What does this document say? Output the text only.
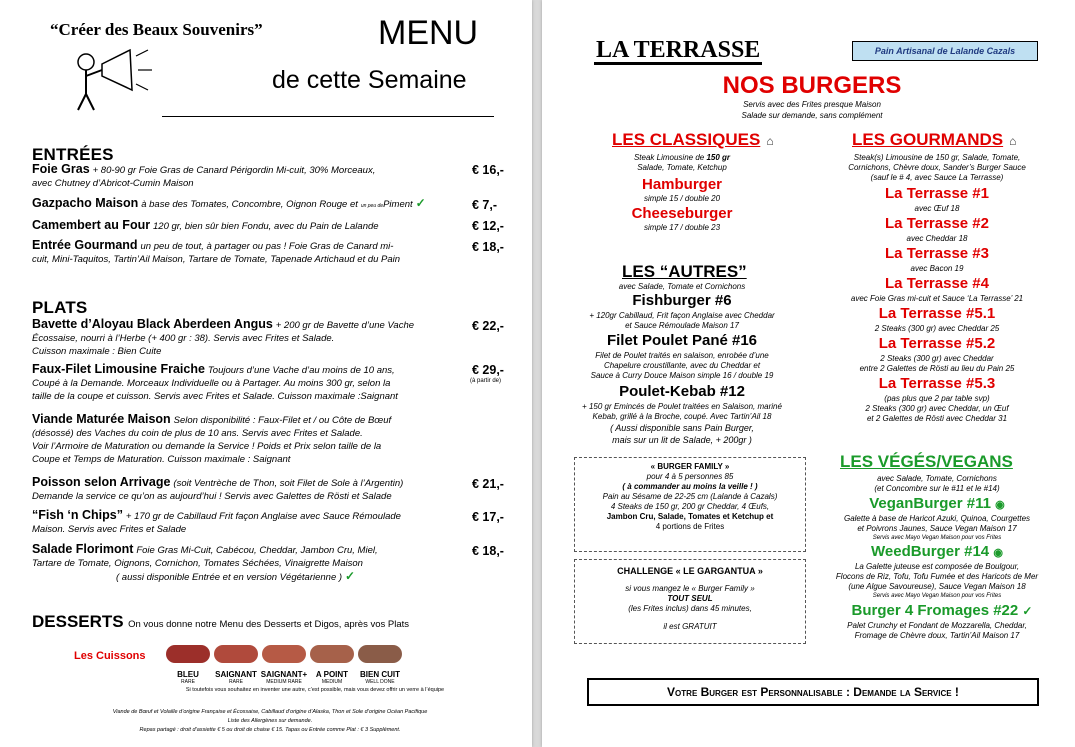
“Créer des Beaux Souvenirs”	MENU
de cette Semaine
ENTRÉES
Foie Gras + 80-90 gr Foie Gras de Canard Périgordin Mi-cuit, 30% Morceaux,
avec Chutney d’Abricot-Cumin Maison
€ 16,-
Gazpacho Maison à base des Tomates, Concombre, Oignon Rouge et un peu dePiment ✓	€ 7,-
Camembert au Four 120 gr, bien sûr bien Fondu, avec du Pain de Lalande	€ 12,-
Entrée Gourmand un peu de tout, à partager ou pas ! Foie Gras de Canard mi-
cuit, Mini-Taquitos, Tartin’Ail Maison, Tartare de Tomate, Tapenade Artichaud et du Pain
€ 18,-
PLATS
Bavette d’Aloyau Black Aberdeen Angus + 200 gr de Bavette d’une Vache
Écossaise, nourri à l’Herbe (+ 400 gr : 38). Servis avec Frites et Salade.
Cuisson maximale : Bien Cuite
€ 22,-
Faux-Filet Limousine Fraiche Toujours d’une Vache d’au moins de 10 ans,
Coupé à la Demande. Morceaux Individuelle ou à Partager. Au moins 300 gr, selon la
taille de la coupe et cuisson. Servis avec Frites et Salade. Cuisson maximale :Saignant
€ 29,-
(à partir de)
Viande Maturée Maison Selon disponibilité : Faux-Filet et / ou Côte de Bœuf
(désossé) des Vaches du coin de plus de 10 ans. Servis avec Frites et Salade.
Voir l’Armoire de Maturation ou demande la Service ! Poids et Prix selon taille de la
Coupe et Temps de Maturation. Cuisson maximale : Saignant
Poisson selon Arrivage (soit Ventrèche de Thon, soit Filet de Sole à l’Argentin)
Demande la service ce qu’on as aujourd’hui ! Servis avec Galettes de Rösti et Salade
€ 21,-
“Fish ‘n Chips” + 170 gr de Cabillaud Frit façon Anglaise avec Sauce Rémoulade
Maison. Servis avec Frites et Salade
€ 17,-
Salade Florimont Foie Gras Mi-Cuit, Cabécou, Cheddar, Jambon Cru, Miel,
Tartare de Tomate, Oignons, Cornichon, Tomates Séchées, Vinaigrette Maison
( aussi disponible Entrée et en version Végétarienne ) ✓
€ 18,-
DESSERTS On vous donne notre Menu des Desserts et Digos, après vos Plats
Les Cuissons
BLEU
RARE
SAIGNANT
RARE
SAIGNANT+
MEDIUM RARE
A POINT
MEDIUM
BIEN CUIT
WELL DONE
Si toutefois vous souhaitez en inventer une autre, c’est possible, mais vous devez offrir un verre à l’équipe
Viande de Bœuf et Volaille d’origine Française et Écossaise, Cabillaud d’origine d’Alaska, Thon et Sole d’origine Océan Pacifique
Liste des Allergènes sur demande.
Repas partagé : droit d’assiette € 5 ou droit de chaise € 15. Tapas ou Entrée comme Plat : € 3 Supplément.
LA TERRASSE	Pain Artisanal de Lalande Cazals
NOS BURGERS
Servis avec des Frites presque Maison
Salade sur demande, sans complément
LES CLASSIQUES ⌂
Steak Limousine de 150 gr
Salade, Tomate, Ketchup
Hamburger
simple 15 / double 20
Cheeseburger
simple 17 / double 23
LES “AUTRES”
avec Salade, Tomate et Cornichons
Fishburger #6
+ 120gr Cabillaud, Frit façon Anglaise avec Cheddar
et Sauce Rémoulade Maison 17
Filet Poulet Pané #16
Filet de Poulet traités en salaison, enrobée d’une
Chapelure croustillante, avec du Cheddar et
Sauce à Curry Douce Maison simple 16 / double 19
Poulet-Kebab #12
+ 150 gr Emincés de Poulet traitées en Salaison, mariné
Kebab, grillé à la Broche, coupé. Avec Tartin’Ail 18
( Aussi disponible sans Pain Burger,
mais sur un lit de Salade, + 200gr )
« BURGER FAMILY »
pour 4 à 5 personnes 85
( à commander au moins la veille ! )
Pain au Sésame de 22-25 cm (Lalande à Cazals)
4 Steaks de 150 gr, 200 gr Cheddar, 4 Œufs,
Jambon Cru, Salade, Tomates et Ketchup et
4 portions de Frites
CHALLENGE « LE GARGANTUA »
si vous mangez le « Burger Family »
TOUT SEUL
(les Frites inclus) dans 45 minutes,
il est GRATUIT
LES GOURMANDS ⌂
Steak(s) Limousine de 150 gr, Salade, Tomate,
Cornichons, Chèvre doux, Sander’s Burger Sauce
(sauf le # 4, avec Sauce La Terrasse)
La Terrasse #1
avec Œuf 18
La Terrasse #2
avec Cheddar 18
La Terrasse #3
avec Bacon 19
La Terrasse #4
avec Foie Gras mi-cuit et Sauce ‘La Terrasse’ 21
La Terrasse #5.1
2 Steaks (300 gr) avec Cheddar 25
La Terrasse #5.2
2 Steaks (300 gr) avec Cheddar
entre 2 Galettes de Rösti au lieu du Pain 25
La Terrasse #5.3
(pas plus que 2 par table svp)
2 Steaks (300 gr) avec Cheddar, un Œuf
et 2 Galettes de Rösti avec Cheddar 31
LES VÉGÉS/VEGANS
avec Salade, Tomate, Cornichons
(et Concombre sur le #11 et le #14)
VeganBurger #11 ◉
Galette à base de Haricot Azuki, Quinoa, Courgettes
et Poivrons Jaunes, Sauce Vegan Maison 17
Servis avec Mayo Vegan Maison pour vos Frites
WeedBurger #14 ◉
La Galette juteuse est composée de Boulgour,
Flocons de Riz, Tofu, Tofu Fumée et des Haricots de Mer
(une Algue Savoureuse), Sauce Vegan Maison 18
Servis avec Mayo Vegan Maison pour vos Frites
Burger 4 Fromages #22 ✓
Palet Crunchy et Fondant de Mozzarella, Cheddar,
Fromage de Chèvre doux, Tartin’Ail Maison 17
Votre Burger est Personnalisable : Demande la Service !
